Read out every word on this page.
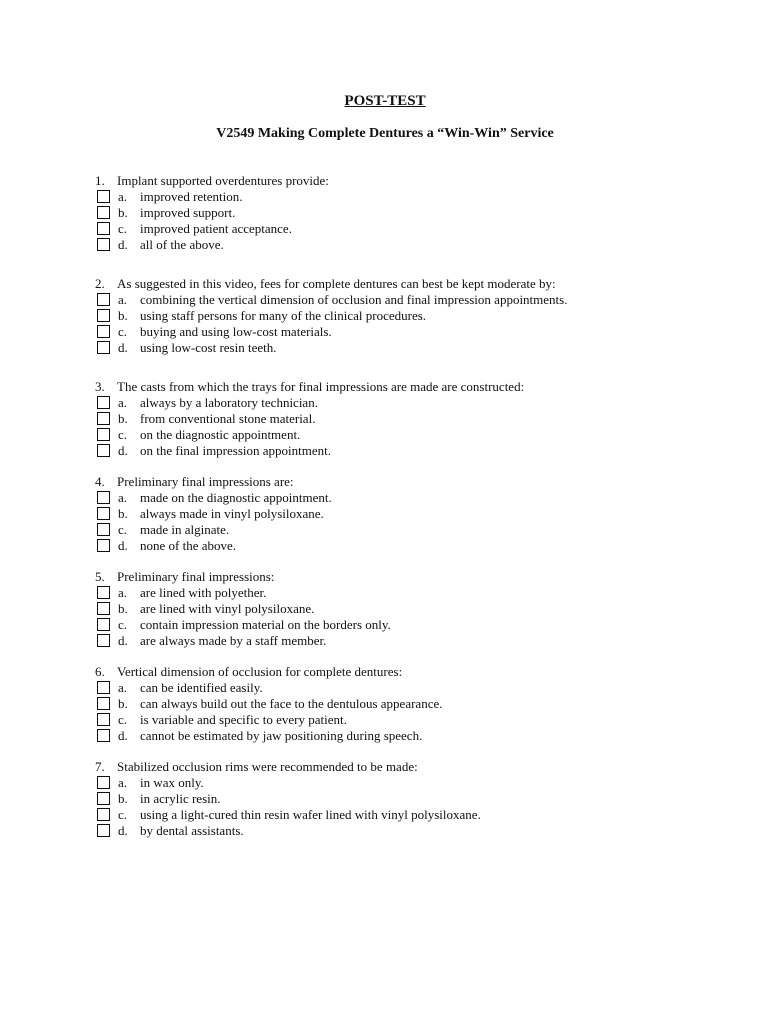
POST-TEST
V2549 Making Complete Dentures a “Win-Win” Service
1. Implant supported overdentures provide:
a. improved retention.
b. improved support.
c. improved patient acceptance.
d. all of the above.
2. As suggested in this video, fees for complete dentures can best be kept moderate by:
a. combining the vertical dimension of occlusion and final impression appointments.
b. using staff persons for many of the clinical procedures.
c. buying and using low-cost materials.
d. using low-cost resin teeth.
3. The casts from which the trays for final impressions are made are constructed:
a. always by a laboratory technician.
b. from conventional stone material.
c. on the diagnostic appointment.
d. on the final impression appointment.
4. Preliminary final impressions are:
a. made on the diagnostic appointment.
b. always made in vinyl polysiloxane.
c. made in alginate.
d. none of the above.
5. Preliminary final impressions:
a. are lined with polyether.
b. are lined with vinyl polysiloxane.
c. contain impression material on the borders only.
d. are always made by a staff member.
6. Vertical dimension of occlusion for complete dentures:
a. can be identified easily.
b. can always build out the face to the dentulous appearance.
c. is variable and specific to every patient.
d. cannot be estimated by jaw positioning during speech.
7. Stabilized occlusion rims were recommended to be made:
a. in wax only.
b. in acrylic resin.
c. using a light-cured thin resin wafer lined with vinyl polysiloxane.
d. by dental assistants.
